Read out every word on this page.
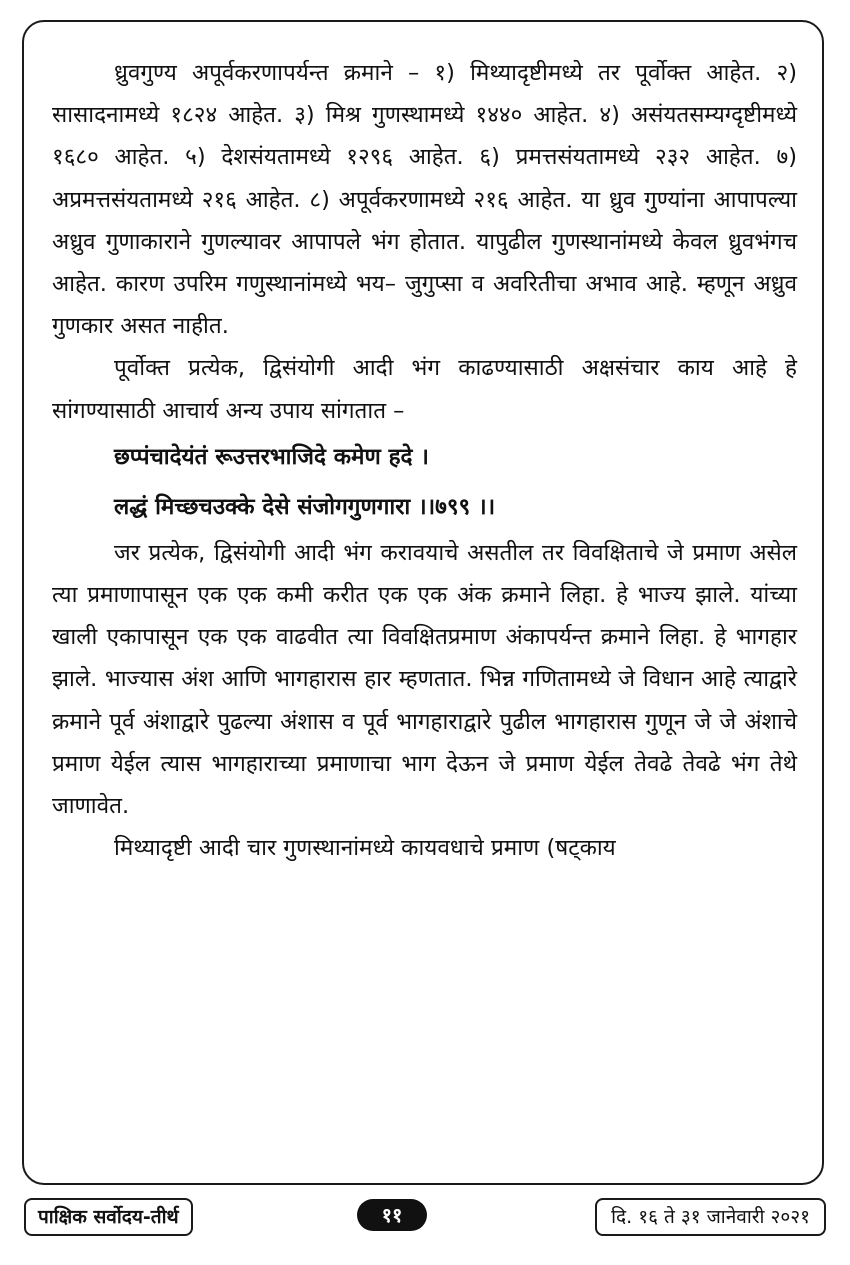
ध्रुवगुण्य अपूर्वकरणापर्यन्त क्रमाने – १) मिथ्यादृष्टीमध्ये तर पूर्वोक्त आहेत. २) सासादनामध्ये १८२४ आहेत. ३) मिश्र गुणस्थामध्ये १४४० आहेत. ४) असंयतसम्यग्दृष्टीमध्ये १६८० आहेत. ५) देशसंयतामध्ये १२९६ आहेत. ६) प्रमत्तसंयतामध्ये २३२ आहेत. ७) अप्रमत्तसंयतामध्ये २१६ आहेत. ८) अपूर्वकरणामध्ये २१६ आहेत. या ध्रुव गुण्यांना आपापल्या अध्रुव गुणाकाराने गुणल्यावर आपापले भंग होतात. यापुढील गुणस्थानांमध्ये केवल ध्रुवभंगच आहेत. कारण उपरिम गणुस्थानांमध्ये भय– जुगुप्सा व अवरितीचा अभाव आहे. म्हणून अध्रुव गुणकार असत नाहीत.

पूर्वोक्त प्रत्येक, द्विसंयोगी आदी भंग काढण्यासाठी अक्षसंचार काय आहे हे सांगण्यासाठी आचार्य अन्य उपाय सांगतात –

छप्पंचादेयंतं रूउत्तरभाजिदे कमेण हदे ।

लद्धं मिच्छचउक्के देसे संजोगगुणगारा ।।७९९ ।।

जर प्रत्येक, द्विसंयोगी आदी भंग करावयाचे असतील तर विवक्षिताचे जे प्रमाण असेल त्या प्रमाणापासून एक एक कमी करीत एक एक अंक क्रमाने लिहा. हे भाज्य झाले. यांच्या खाली एकापासून एक एक वाढवीत त्या विवक्षितप्रमाण अंकापर्यन्त क्रमाने लिहा. हे भागहार झाले. भाज्यास अंश आणि भागहारास हार म्हणतात. भिन्न गणितामध्ये जे विधान आहे त्याद्वारे क्रमाने पूर्व अंशाद्वारे पुढल्या अंशास व पूर्व भागहाराद्वारे पुढील भागहारास गुणून जे जे अंशाचे प्रमाण येईल त्यास भागहाराच्या प्रमाणाचा भाग देऊन जे प्रमाण येईल तेवढे तेवढे भंग तेथे जाणावेत.

मिथ्यादृष्टी आदी चार गुणस्थानांमध्ये कायवधाचे प्रमाण (षट्काय

पाक्षिक सर्वोदय-तीर्थ	११	दि. १६ ते ३१ जानेवारी २०२१
